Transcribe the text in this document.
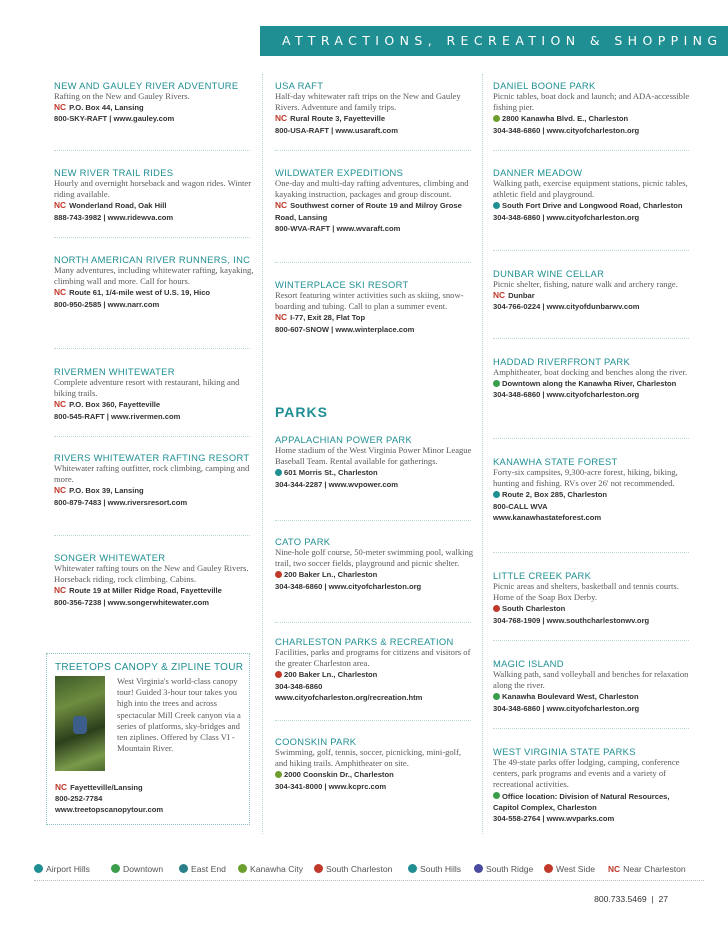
ATTRACTIONS, RECREATION & SHOPPING
NEW AND GAULEY RIVER ADVENTURE
Rafting on the New and Gauley Rivers.
NC P.O. Box 44, Lansing
800-SKY-RAFT | www.gauley.com
NEW RIVER TRAIL RIDES
Hourly and overnight horseback and wagon rides. Winter riding available.
NC Wonderland Road, Oak Hill
888-743-3982 | www.ridewva.com
NORTH AMERICAN RIVER RUNNERS, INC
Many adventures, including whitewater rafting, kayaking, climbing wall and more. Call for hours.
NC Route 61, 1/4-mile west of U.S. 19, Hico
800-950-2585 | www.narr.com
RIVERMEN WHITEWATER
Complete adventure resort with restaurant, hiking and biking trails.
NC P.O. Box 360, Fayetteville
800-545-RAFT | www.rivermen.com
RIVERS WHITEWATER RAFTING RESORT
Whitewater rafting outfitter, rock climbing, camping and more.
NC P.O. Box 39, Lansing
800-879-7483 | www.riversresort.com
SONGER WHITEWATER
Whitewater rafting tours on the New and Gauley Rivers. Horseback riding, rock climbing. Cabins.
NC Route 19 at Miller Ridge Road, Fayetteville
800-356-7238 | www.songerwhitewater.com
TREETOPS CANOPY & ZIPLINE TOUR
West Virginia's world-class canopy tour! Guided 3-hour tour takes you high into the trees and across spectacular Mill Creek canyon via a series of platforms, sky-bridges and ten ziplines. Offered by Class VI - Mountain River.
NC Fayetteville/Lansing
800-252-7784
www.treetopscanopytour.com
USA RAFT
Half-day whitewater raft trips on the New and Gauley Rivers. Adventure and family trips.
NC Rural Route 3, Fayetteville
800-USA-RAFT | www.usaraft.com
WILDWATER EXPEDITIONS
One-day and multi-day rafting adventures, climbing and kayaking instruction, packages and group discount.
NC Southwest corner of Route 19 and Milroy Grose Road, Lansing
800-WVA-RAFT | www.wvaraft.com
WINTERPLACE SKI RESORT
Resort featuring winter activities such as skiing, snow-boarding and tubing. Call to plan a summer event.
NC I-77, Exit 28, Flat Top
800-607-SNOW | www.winterplace.com
PARKS
APPALACHIAN POWER PARK
Home stadium of the West Virginia Power Minor League Baseball Team. Rental available for gatherings.
601 Morris St., Charleston
304-344-2287 | www.wvpower.com
CATO PARK
Nine-hole golf course, 50-meter swimming pool, walking trail, two soccer fields, playground and picnic shelter.
200 Baker Ln., Charleston
304-348-6860 | www.cityofcharleston.org
CHARLESTON PARKS & RECREATION
Facilities, parks and programs for citizens and visitors of the greater Charleston area.
200 Baker Ln., Charleston
304-348-6860
www.cityofcharleston.org/recreation.htm
COONSKIN PARK
Swimming, golf, tennis, soccer, picnicking, mini-golf, and hiking trails. Amphitheater on site.
2000 Coonskin Dr., Charleston
304-341-8000 | www.kcprc.com
DANIEL BOONE PARK
Picnic tables, boat dock and launch; and ADA-accessible fishing pier.
2800 Kanawha Blvd. E., Charleston
304-348-6860 | www.cityofcharleston.org
DANNER MEADOW
Walking path, exercise equipment stations, picnic tables, athletic field and playground.
South Fort Drive and Longwood Road, Charleston
304-348-6860 | www.cityofcharleston.org
DUNBAR WINE CELLAR
Picnic shelter, fishing, nature walk and archery range.
NC Dunbar
304-766-0224 | www.cityofdunbarwv.com
HADDAD RIVERFRONT PARK
Amphitheater, boat docking and benches along the river.
Downtown along the Kanawha River, Charleston
304-348-6860 | www.cityofcharleston.org
KANAWHA STATE FOREST
Forty-six campsites, 9,300-acre forest, hiking, biking, hunting and fishing. RVs over 26' not recommended.
Route 2, Box 285, Charleston
800-CALL WVA
www.kanawhastateforest.com
LITTLE CREEK PARK
Picnic areas and shelters, basketball and tennis courts. Home of the Soap Box Derby.
South Charleston
304-768-1909 | www.southcharlestonwv.org
MAGIC ISLAND
Walking path, sand volleyball and benches for relaxation along the river.
Kanawha Boulevard West, Charleston
304-348-6860 | www.cityofcharleston.org
WEST VIRGINIA STATE PARKS
The 49-state parks offer lodging, camping, conference centers, park programs and events and a variety of recreational activities.
Office location: Division of Natural Resources, Capitol Complex, Charleston
304-558-2764 | www.wvparks.com
Airport Hills	Downtown	East End	Kanawha City	South Charleston	South Hills	South Ridge	West Side NC Near Charleston
800.733.5469 | 27
